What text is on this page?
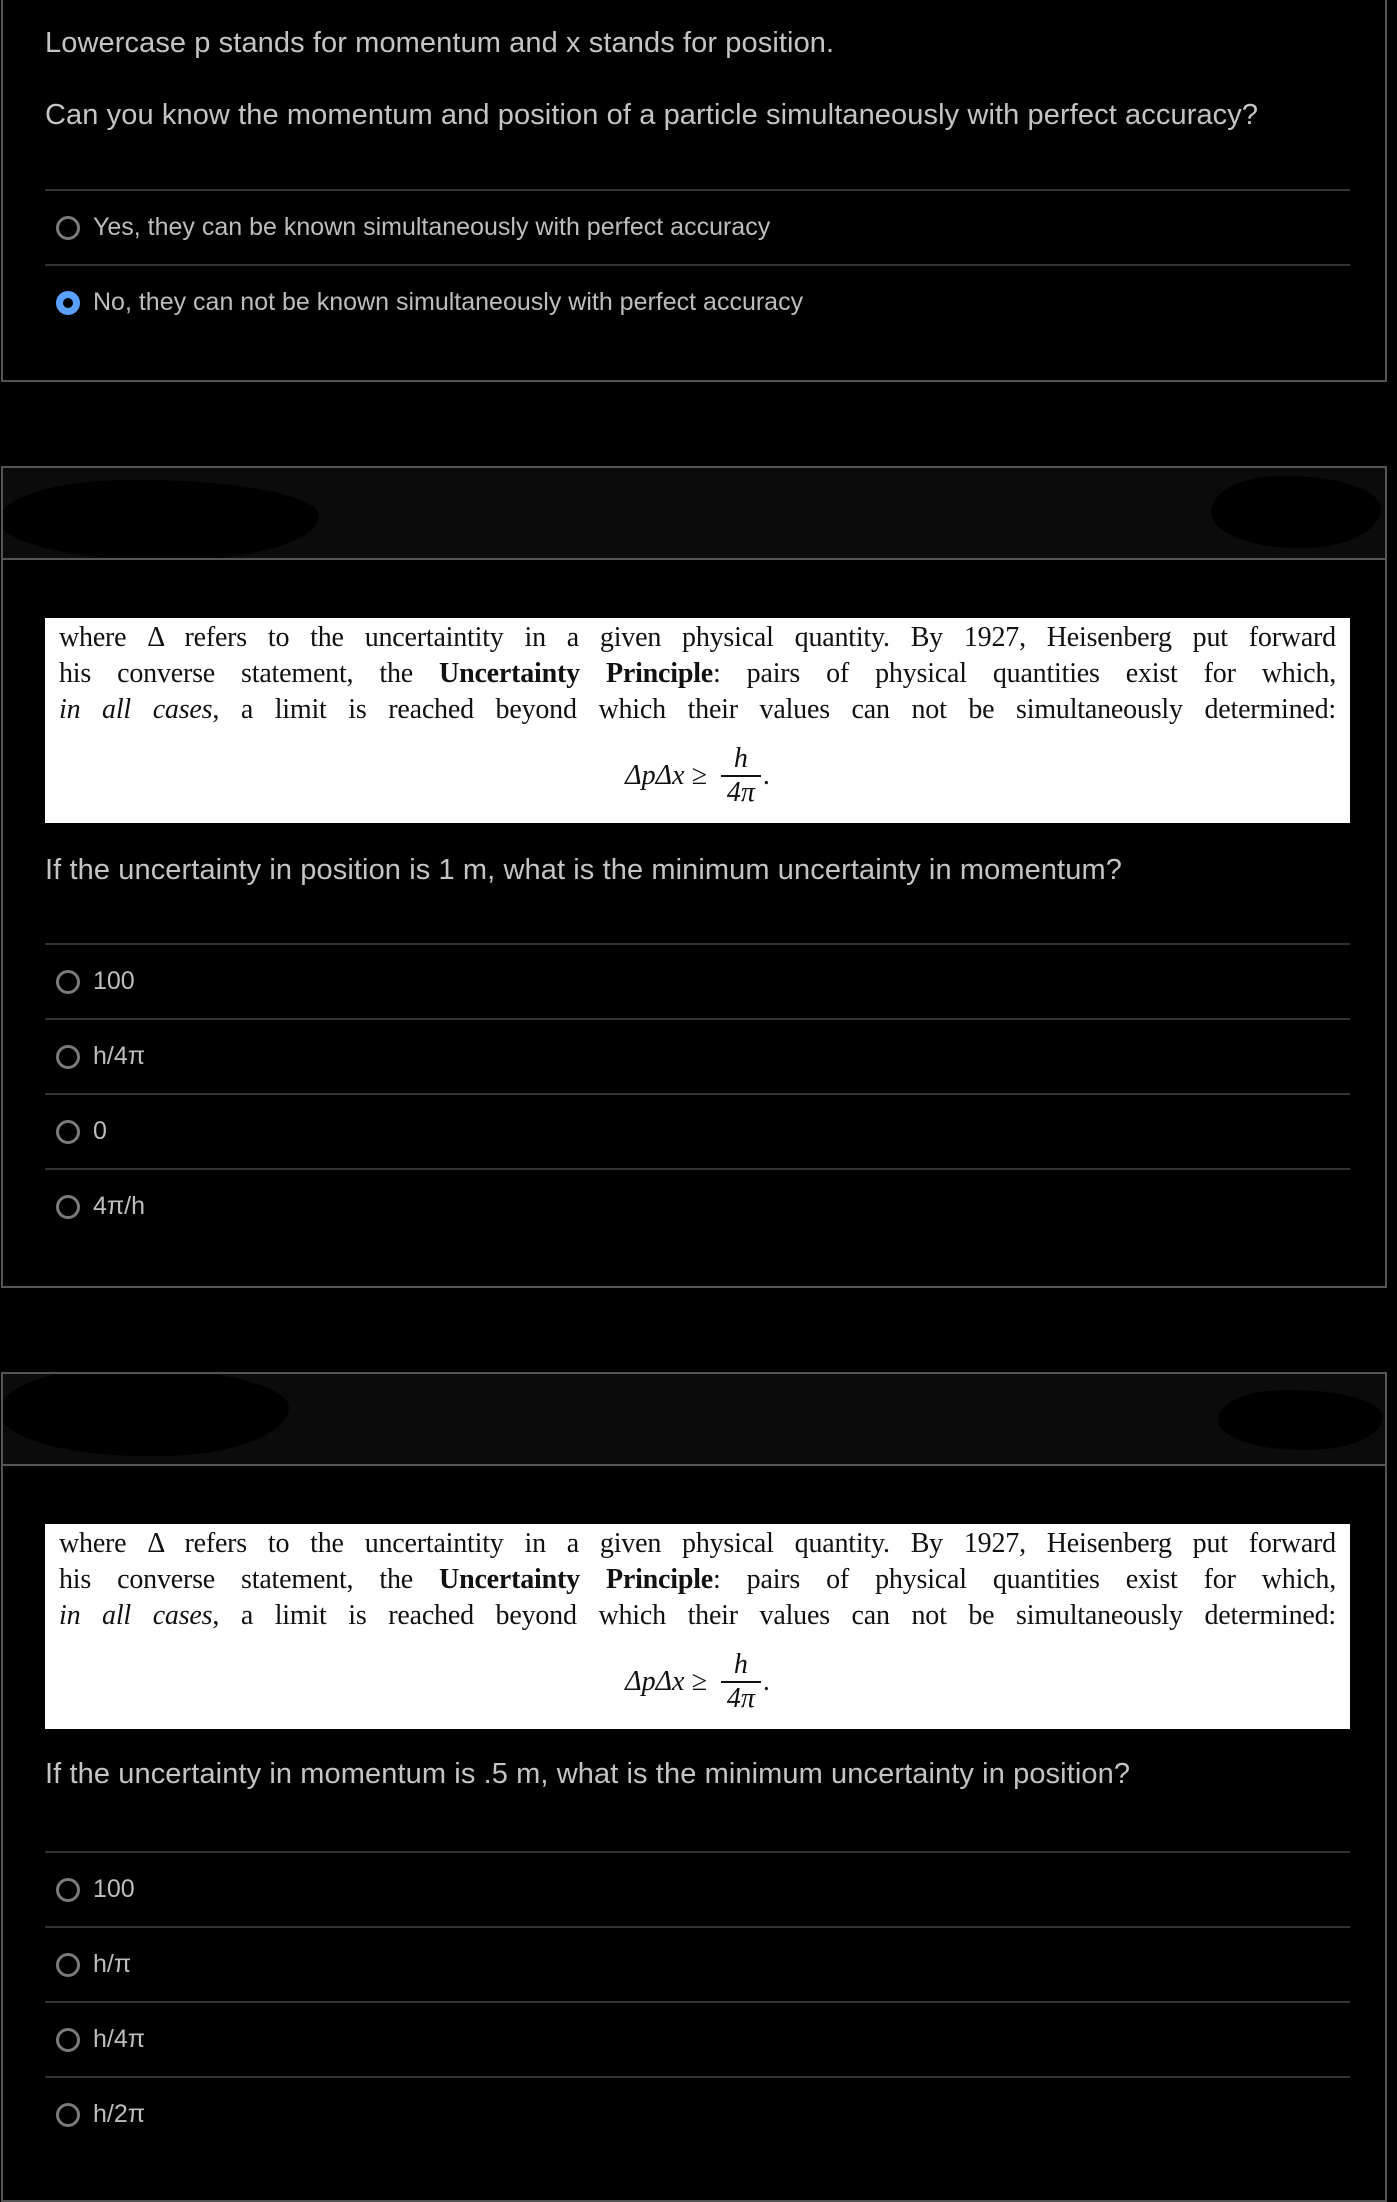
Lowercase p stands for momentum and x stands for position.
Can you know the momentum and position of a particle simultaneously with perfect accuracy?
Yes, they can be known simultaneously with perfect accuracy
No, they can not be known simultaneously with perfect accuracy
where Δ refers to the uncertaintity in a given physical quantity. By 1927, Heisenberg put forward
his converse statement, the Uncertainty Principle: pairs of physical quantities exist for which,
in all cases, a limit is reached beyond which their values can not be simultaneously determined:
$\Delta p\Delta x \ge \frac{h}{4\pi}$ .
If the uncertainty in position is 1 m, what is the minimum uncertainty in momentum?
100
h/4π
0
4π/h
where Δ refers to the uncertaintity in a given physical quantity. By 1927, Heisenberg put forward
his converse statement, the Uncertainty Principle: pairs of physical quantities exist for which,
in all cases, a limit is reached beyond which their values can not be simultaneously determined:
$\Delta p\Delta x \ge \frac{h}{4\pi}$ .
If the uncertainty in momentum is .5 m, what is the minimum uncertainty in position?
100
h/π
h/4π
h/2π
